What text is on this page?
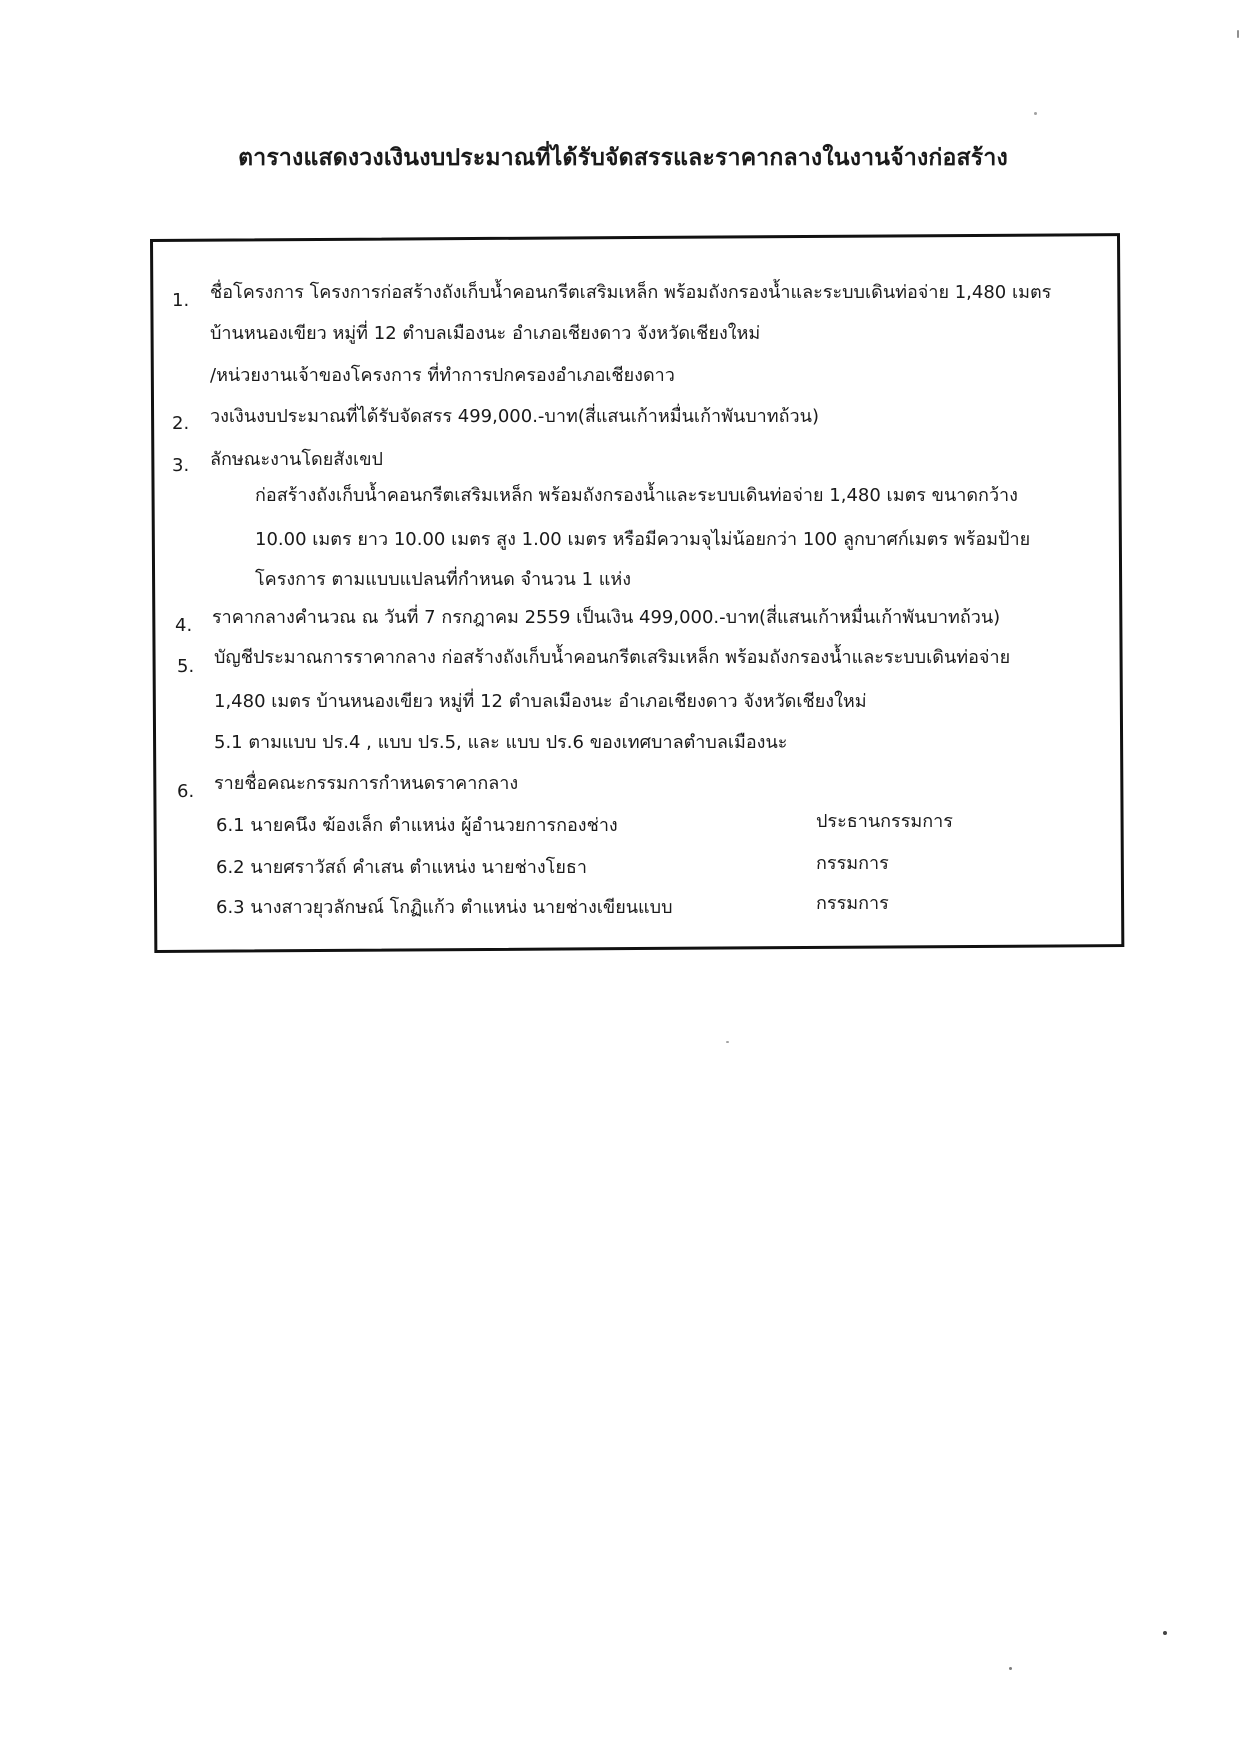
ตารางแสดงวงเงินงบประมาณที่ได้รับจัดสรรและราคากลางในงานจ้างก่อสร้าง
1. ชื่อโครงการ โครงการก่อสร้างถังเก็บน้ำคอนกรีตเสริมเหล็ก พร้อมถังกรองน้ำและระบบเดินท่อจ่าย 1,480 เมตร
บ้านหนองเขียว หมู่ที่ 12 ตำบลเมืองนะ อำเภอเชียงดาว จังหวัดเชียงใหม่
/หน่วยงานเจ้าของโครงการ ที่ทำการปกครองอำเภอเชียงดาว
2. วงเงินงบประมาณที่ได้รับจัดสรร 499,000.-บาท(สี่แสนเก้าหมื่นเก้าพันบาทถ้วน)
3. ลักษณะงานโดยสังเขป
ก่อสร้างถังเก็บน้ำคอนกรีตเสริมเหล็ก พร้อมถังกรองน้ำและระบบเดินท่อจ่าย 1,480 เมตร ขนาดกว้าง
10.00 เมตร ยาว 10.00 เมตร สูง 1.00 เมตร หรือมีความจุไม่น้อยกว่า 100 ลูกบาศก์เมตร พร้อมป้าย
โครงการ ตามแบบแปลนที่กำหนด จำนวน 1 แห่ง
4. ราคากลางคำนวณ ณ วันที่ 7 กรกฎาคม 2559 เป็นเงิน 499,000.-บาท(สี่แสนเก้าหมื่นเก้าพันบาทถ้วน)
5. บัญชีประมาณการราคากลาง ก่อสร้างถังเก็บน้ำคอนกรีตเสริมเหล็ก พร้อมถังกรองน้ำและระบบเดินท่อจ่าย
1,480 เมตร บ้านหนองเขียว หมู่ที่ 12 ตำบลเมืองนะ อำเภอเชียงดาว จังหวัดเชียงใหม่
5.1 ตามแบบ ปร.4 , แบบ ปร.5, และ แบบ ปร.6 ของเทศบาลตำบลเมืองนะ
6. รายชื่อคณะกรรมการกำหนดราคากลาง
6.1 นายคนึง ฆ้องเล็ก ตำแหน่ง ผู้อำนวยการกองช่าง	ประธานกรรมการ
6.2 นายศราวัสถ์ คำเสน ตำแหน่ง นายช่างโยธา	กรรมการ
6.3 นางสาวยุวลักษณ์ โกฏิแก้ว ตำแหน่ง นายช่างเขียนแบบ	กรรมการ
